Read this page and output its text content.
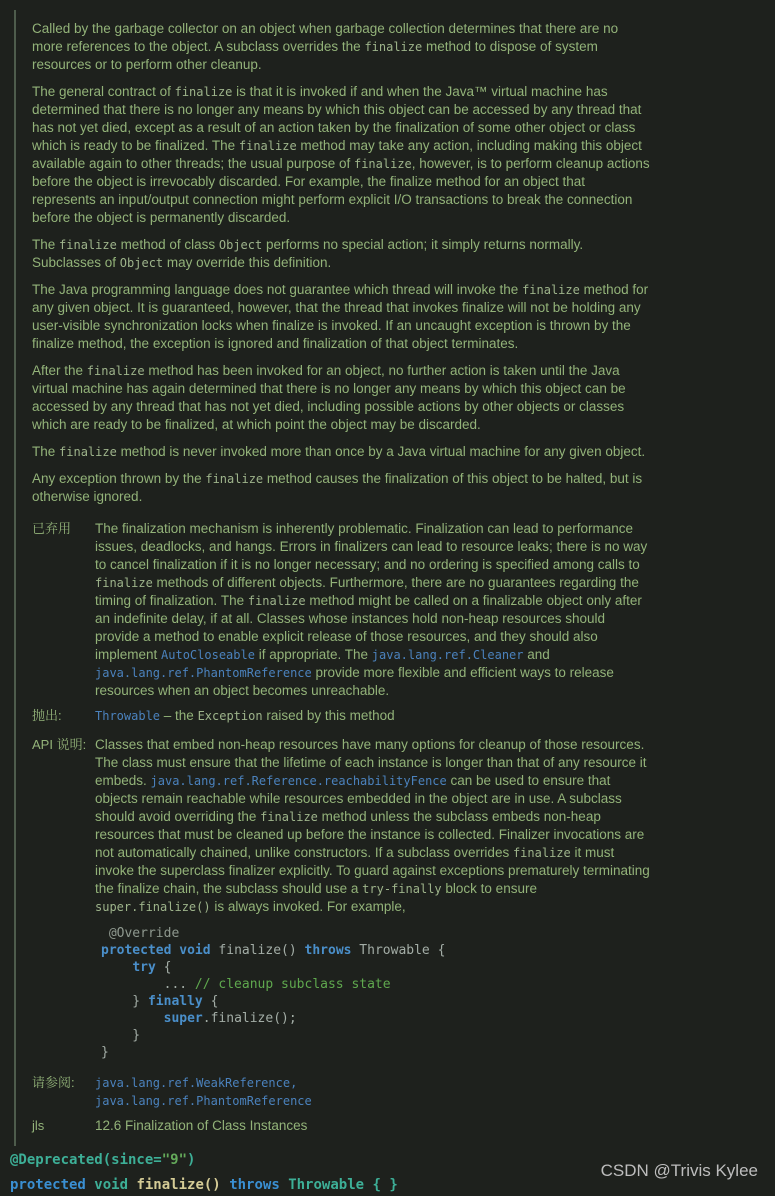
Called by the garbage collector on an object when garbage collection determines that there are no more references to the object. A subclass overrides the finalize method to dispose of system resources or to perform other cleanup.

The general contract of finalize is that it is invoked if and when the Java™ virtual machine has determined that there is no longer any means by which this object can be accessed by any thread that has not yet died, except as a result of an action taken by the finalization of some other object or class which is ready to be finalized. The finalize method may take any action, including making this object available again to other threads; the usual purpose of finalize, however, is to perform cleanup actions before the object is irrevocably discarded. For example, the finalize method for an object that represents an input/output connection might perform explicit I/O transactions to break the connection before the object is permanently discarded.

The finalize method of class Object performs no special action; it simply returns normally. Subclasses of Object may override this definition.

The Java programming language does not guarantee which thread will invoke the finalize method for any given object. It is guaranteed, however, that the thread that invokes finalize will not be holding any user-visible synchronization locks when finalize is invoked. If an uncaught exception is thrown by the finalize method, the exception is ignored and finalization of that object terminates.

After the finalize method has been invoked for an object, no further action is taken until the Java virtual machine has again determined that there is no longer any means by which this object can be accessed by any thread that has not yet died, including possible actions by other objects or classes which are ready to be finalized, at which point the object may be discarded.

The finalize method is never invoked more than once by a Java virtual machine for any given object.

Any exception thrown by the finalize method causes the finalization of this object to be halted, but is otherwise ignored.

已弃用	The finalization mechanism is inherently problematic. Finalization can lead to performance issues, deadlocks, and hangs. Errors in finalizers can lead to resource leaks; there is no way to cancel finalization if it is no longer necessary; and no ordering is specified among calls to finalize methods of different objects. Furthermore, there are no guarantees regarding the timing of finalization. The finalize method might be called on a finalizable object only after an indefinite delay, if at all. Classes whose instances hold non-heap resources should provide a method to enable explicit release of those resources, and they should also implement AutoCloseable if appropriate. The java.lang.ref.Cleaner and java.lang.ref.PhantomReference provide more flexible and efficient ways to release resources when an object becomes unreachable.
抛出:	Throwable – the Exception raised by this method
API 说明: Classes that embed non-heap resources have many options for cleanup of those resources. The class must ensure that the lifetime of each instance is longer than that of any resource it embeds. java.lang.ref.Reference.reachabilityFence can be used to ensure that objects remain reachable while resources embedded in the object are in use. A subclass should avoid overriding the finalize method unless the subclass embeds non-heap resources that must be cleaned up before the instance is collected. Finalizer invocations are not automatically chained, unlike constructors. If a subclass overrides finalize it must invoke the superclass finalizer explicitly. To guard against exceptions prematurely terminating the finalize chain, the subclass should use a try-finally block to ensure super.finalize() is always invoked. For example,
@Override
protected void finalize() throws Throwable {
try {
... // cleanup subclass state
} finally {
super.finalize();
}
}
请参阅:	java.lang.ref.WeakReference,
java.lang.ref.PhantomReference
jls	12.6 Finalization of Class Instances
@Deprecated(since="9")
protected void finalize() throws Throwable { }
CSDN @Trivis Kylee
